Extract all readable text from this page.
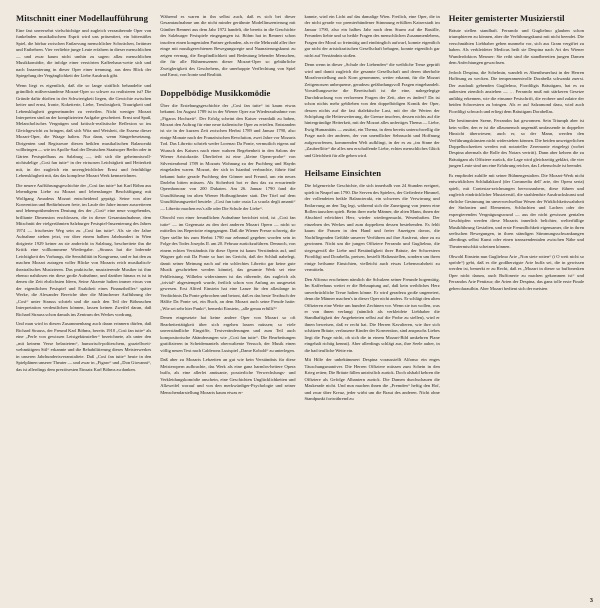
Mitschnitt einer Modellaufführung

Eine fast unversehrt vielschichtige und zugleich verzaubernde Oper von funkelnden musikalischem Esprit wird uns präsentiert, ein bittersüßes Spiel, die hörbar zwischen Entlarvung menschlicher Schwächen, Irrtümer und Entbehren. Vier verliebte junge Leute erfahren in dieser menschlichen — und zwar kaum nicht umhin zu sagen: allzu menschlichen Musikkomödie, die infolge einer verstörten Kaffeehaus-wette sich und nach Inszenierung in dieser Oper einer trennung, aus dem Blick der Spiegelung der Vergänglichkeit der Liebe Ausdruck gibt.

Wenn liegt es eigentlich, daß die so lange sträflich behandelte und gründlich mißverstandene Mozart-Oper so schwer zu realisieren ist? Die Gründe dafür dürften in der Schwierigkeit liegen, die Gewichte zwischen heiter und ernst, Ironie, Koketterie, Liebe, Treulosigkeit, Traurigkeit und Lebensklugheit gegeneinander zu verteilen. Nicht weniger Mozart Interpreten sind an der komplizierten Aufgabe gescheitert. Ernst und Spaß, Melancholisches Vergnügen und kritisch-realistische Reflexion so ins Gleichgewicht zu bringen, daß sich Witz und Weisheit, die Essenz dieser Mozart-Oper, die Waage halten. Nur dann, wenn Sängerbesetzung, Dirigenten und Regisseure diesen heiklen musikalischen Balanceakt vollbringen — wie im Apollo-Saal der Deutschen Staatsoper Berlin oder in Gärten Festspielhaus zu Salzburg —, teilt sich die geheimnisvoll-nichtsdelige „Così fan tutte“ in der virtuosen Leichtigkeit und Heiterkeit mit, in der zugleich ein unvergleichlicher Ernst und feinfühlige Lebensklugheit mit, das das komplexe Mozart Werk kennzeichnen.

Die neuere Aufführungsgeschichte der „Così fan tutte“ hat Karl Böhm aus lebendigem Liebe zu Mozart und lebenslanger Beschäftigung mit Wolfgang Amadeus Mozart entscheidend geprägt. Seine von alter Konvention und Bedürfnissen freie, im Laufe der Jahre immer ausweiteren und lebensprühenderen Deutung des der „Così“ eine neue vorgehendes, brilliante Dimension erschlossen, die in dieser Gesamtaufnahme, dem Mitschnitt der vielgerühmten Salzburger Festspiel-Inszenierung des Jahres 1974 — frischester Weg sein zu „Così fan tutte“. Als sie der Jahre Aufnahme stehen jetzt, vor über einem halben Jahrhundert in Wien dirigierte 1929 keiner an sie andreicht in Salzburg, beschreitete ihn die Kritik eine vollkommene Wiedergabe. „Strauss hat die lodernde Leichtigkeit des Vorhangs, die Sensibilität in Kongruenz, und er hat den zu machen Mozart zutragen voller Blicke von Mozarts reich musikalisch-theatralisches Musizieren. Das praktische, musizierende Musiker ist ihm ebenso nahtlosen ein diese große Aufnahme, und darüber hinaus es ist in denen die Zeit ehrlichsten Ideen, Seine Akzente halten immer etwas von der eigentlichen Festspiel und Exaktheit eines Finanzthrilles“ später Werke, die Alexander Bereiche über die Münchener Aufführung der „Così“ unter Strauss schrieb und die auch den Teil der Böhmschen Interpretation verdeutlichen können, lassen keinen Zweifel daran, daß Richard Strauss schon damals ins Zentrum des Werkes vordrang.

Und man wird in diesen Zusammenhang auch daran erinnern dürfen, daß Richard Strauss, der Freund Karl Böhms, bereits 1910 „Così fan tutte“ als eine „Perle von gewissen Leistgekünstelter“ bezeichnete, als unter den „mit keinem Verse belastetem“, humorisch-politeschem, graziellweit-wehmütigem Stil“ erkannte und die Rehabilitierung dieses Meisterwerkes in unseren Jahrhundertsveranstaltete. Daß „Così fan tutte“ heute in den Spielplänen unserer Theater — und zwar in „Figaro“ und „Don Giovanni“, das ist allerdings dem preziösesten Einsatz Karl Böhms zu danken.

Während es waren in ihn selbst auch, daß es sich bei dieser Gesamtaufnahme um die nicht minder gerühmte Modellinszenierung mit Günther Rennert aus dem Jahr 1972 handelt, die bereits in die Geschichte des Salzburger Festspiele eingegangen ist. Böhm hat in Rennert schon insofern einen kongenialen Partner gefunden, als er die Mehrzahl aller ihre einge mit musikgerechtenen Bewegungsregie und Nuanzierungskunst zu zeigen vermag, die Empfindlichkeit und Bedeutung lebender Menschen, die für alle Bühnenszenen dieser Mozart-Oper so gebührliche Zweiglerigkeit des Geschehens, die unerhoppte Verflechtung von Spiel und Ernst, von Ironie und Realität.

Doppelbödige Musikkomödie

Über die Erstehungsgeschichte der „Così fan tutte“ ist kaum etwas bekannt. Im August 1789 ist in der Wiener Oper zur Wiederaufnahme von „Figaros Hochzeit“. Der Erfolg scheint den Kaiser veranlaßt zu haben, Mozart den Auftrag für eine neue italienische Oper zu erteilen. Entstanden ist sie in der kurzen Zeit zwischen Herbst 1789 und Januar 1790, also einige Monate nach der Französischen Revolution, zwei Jahre vor Mozarts Tod. Das Libretto schrieb weder Lorenzo Da Ponte, vermutlich eigens auf Wunsch des Kaisers nach einer wahren Begebenheit in den Salons der Wiener Aristokratie. Überliefert ist eine „kleine Opern-probe“ von Silvesterabend 1789 in Mozarts Wohnung zu der Puchberg und Haydn eingeladen waren. Mozart, der sich in Istanbul verbrachte, führte fünf bekannt hatte gerade Puchberg den Gönner und Freund, um ein neues Darlehn bitten müssen. Als Sicherheit bot er ihm das zu erwartende Opernhonorar von 200 Dukaten. Am 26. Januar 1790 fand die Uraufführung im alten Wiener Hofburgtheater statt. Der Titel auf dem Uraufführungszettel beutele: „Così fan tutte ossia La scuola degli amanti“ — Libretto machen ess's alle oder Die Schule der Liebe“.

Obwohl von einer freundlichen Aufnahme berichtet wird, ist „Così fan tutte“ — im Gegensatz zu den drei anderen Mozart Opern — nicht so mittellos ins Repertoire eingegangen. Daß die Wiener Presse schweig, die Oper stellte bis zum Herbst 1790 nur zehnmal gegeben worden sein in Folge des Todes Josephs II. am 20. Februar zurückzuführen. Dennoch, von einem echten Verständnis für diese Opern ist kaum Verständnis auf, und Wagner gab mit Da Ponte so hart ins Gericht, daß der Schluß nahelegt, damit seiner Meinung nach auf ein schlechtes Libretto gar keine gute Musik geschrieben werden könnte), das gesamte Werk sei eine Fehlleistung. Wilhelm widersinnen ist das rührende, das zugleich als „trivial“ abgestempelt wurde, freilich schon von Anfang an ausgesetzt gewesen. Erst Alfred Einstein hat eine Lanze für den allzulange in Verdächtnis Da Ponte gebrochen und betont, daß es das beste Textbuch der Hälfte Da Ponte sei, ein Buch, an dem Mozart auch seine Freude hatte: „Wie sei sehr hier Punkt“, bemerkt Einstein, „alle genau erfüllt?“

Denen eingesetzte hat keine andere Oper von Mozart so oft Bearbeitertätigkeit über sich ergehen lassen müssen; so viele unverständliche Eingriffe, Textveränderungen und zum Teil auch kompositorische Abänderungen wie „Così fan tutte“. Die Bearbeitungen gratifizieren in Scheidemantels oberwaltente Versuch, der Musik einen völlig neuen Text nach Calderons Lustspiel „Dame Kobold“ zu unterlegen.

Daß aber zu Mozarts Lebzeiten an gut wie kein Verständnis für diese Meisteropern aufbrachte, das Werk als eine ganz harmlos-heitere Opera buffa, als eine allerlei amüsante, possierliche Verwechslungs- und Verkleidungskomödie anschein, eine Geschichten Unglücklichkeiten und Allzweifel worauf und von den merkwürdiger-Psychologie und seiner Menschendarstellung Mozarts kaum etwas er-

kannte, wird ein Licht auf das damalige Wien. Freilich, eine Oper, die in der nicht gerade vor premierbündener Stimmung erfüllten Kaiserstadt im Januar 1790, also ein halbes Jahr nach dem Sturm auf die Bastille, Freunden liebte und so heikle Fragen des menschlichen Zusammenlebens, Fragen der Moral so freimütig und eindringlich aufwarf, konnte eigentlich gar nicht der aristokratischen Gesellschaft behagen, konnte eigentlich gar nicht auf Verständnis stoßen.

Denn wenn in dieser „Schule der Liebenden“ die weibliche Treue geprüft wird und damit zugleich die gesamte Gesellschaft und deren überholte Moralvorstellung auch Korn genommen, weiter erkannt, für die Mozart Zeitgenossen unbequeme, geradezu gefährdungsvoll Fragen eingehandelt. Vorstellungsweise die Bereitschaft ist die eine, nahegelegige Durchdruckung von verlorenen Fragen der Zeit, aber es ändert? Da ist schon nichts mehr geblieben von den doppelbödigen Komik der Oper, dessen nichts auf die fast dialektische Lust, mit der die Werten der Schöpfung die Heiterweiterung, die Grenze insofern, dessen nichts auf die hintergründige Heiterkeit, mit der Mozart alles unfertiges Thema — Liebe, Ewig Humanitäts — zusätzt, ein Thema, in dem bereits unterschwellig die Frage nach der anderen, der von unendlicher Sehnsucht und Hoffnung aufgeworfenen, kommenden Welt aufklingt, in der es zu „im Sinne der „Zauberflöte“ die alles neu erschaffende Liebe, echtes menschliches Glück und Gleichheit für alle geben wird.

Heilsame Einsichten

Die folgenreiche Geschichte, die sich innerhalb von 24 Stunden ereignet, spielt in Neapel um 1790. Die Serven des Spielers, der Gefiederte Himmel, der vollendeten heikle Balancierakt, ein schweres die Verwirrung und Entlarvung an den Tag legt, während sich die Zuneigung von jenem eine Rollen tauschen spielt. Beim ihrer mehr Männer, die alten Mann, ihnen der Abschied erleichtert Herr, wieder wiedergemacht, Wesenhaften. Der einzelnen des Werkes und zum doppeltem dessen bestehenden. Es fehlt kaum die Frauen in den Hand und freier Anzeigen davon, die Nachfliegenden Gefühle unsrerer Verführen auf ihre Ausfreut, ohne zu zu gewinnen. Nicht um die jungen Offiziere Ferrando und Guglielmo, die siegesgewiß die Liebe und Beständigkeit ihrer Bräute, der Schwestern Fiordiligi und Dorabella, preisen, bestellt Haltzustellen, sondern um ihren einige heilsame Einsichten, vielleicht auch etwas Lebenswahrheit zu vermitteln.

Den Alfonso erscheinen nämlich die Schulzen seiner Freunde hogemütig. Im Kaffeehaus wettet er die Behauptung auf, daß kein weibliches Herz unverbrüchliche Treue halten könne. Er wird geradezu große ungeneiert, denn die Männer machen's in dieser Oper nicht anders. Er schlägt den alten Offizieren eine Wette um hundert Zechinen vor. Wenn sie tun wollen, was er von ihnen verlangt (nämlich als verkleidete Liebhaber die Standhaftigkeit der Angebeteten selbst auf die Probe zu stellen), wird er ihnen beweisen, daß er recht hat. Die Herren Kavalieren, wie ihre sich schätzen Bräute, verlassene Kinder der Konvention, sind anspruchs Liebes liegt die Frage nicht, ob sich die in einem Mozart-Bild umkehren Plane eingehalt richtig kennst). Aber allerdings schlägt aus, ihre Seele auher, in die bad teufliche Wette ein.

Mit Hilfe der unbekümmert Despina vorausstellt Alfonso ein enges Täuschungsmanöver. Die Herren Offiziere müssen zum Schein in den Krieg reiten; Die Bräute fällen untröstlich zurück. Doch alsbald kehren die Offiziere als Gefolge Albaniern zurück. Die Damen durchschauen die Maskerade nicht. Und nun machen ihnen die „Fremden“ heftig den Hof, und zwar über Kreuz, jeder wirbt um die Braut des anderen. Nicht ohne Standpunkt fortwährend zu

Heiter gemisterter Musizierstil

Bräute stellen standhaft. Ferrando und Guglielmo glauben schon triumphieren zu können, aber die Verführungskunst mit nicht beendet. Die verschmähten Liebhaber geben nunmehr vor, sich aus Gram vergiftet zu haben. Als verkleideter Medicus heilt sie Despina nach Art des Wiener Wunderdoktors Mesmer: Sie reibt sind die standbereiten jungen Damen dem Anfechtungen gewachsen.

Jedoch Despina, die Schelmin, wandelt es Abentheuerlust in der Herren Hoffnung zu wecken. Die temperamentvolle Dorabella schwankt zuerst. Der ausdauli gebenden Guglielmo, Fiordiligis Bräutigam, hat es zu außersten ziemlich anziehen — … Ferrando muß mit stärkeren Gesetze unfähig erkennen, wie die einsame Festschrift, die erobere und zalaire der beiden Schwestern zu bringen. Als er auf Salzamond dazu, wird auch Fiordiligi schwach und erliegt dem Bräutigam Dorabellas.

Die bestimmten Szene, Ferrandos hat gewonnen. Sein Triumph aber ist kein voller, den er ist die allzumensch ungemäß umfassende in doppelter Hinsicht überwiesen; auch er, so der Mann, werden den Verführungskünsten nicht widerstehen können. Die beiden unweigerlichen Doppelhochzeiten werden mit notarieller Zeremonie eingelegt (wobei Despina abermals die Rolle des Notars vertritt). Dann aber kehren die zu Bräutigam als Offiziere zurück, die Lage wird gleichzeitig geklärt, die vier jungen Leute sind um eine Erfahrung reicher, das Lebenschule ist beendet.

Es empfindet zuhilfe mit seiner Bühnengestalten. Die Mozart-Werk nicht entwirklichen Schlußakkord (der Commedia dell' arte, der Opera seria) spielt, mit Contestar-zeichnungen hervorzaubern, diese führen und zugleich eindrücklicher Musizierstil, die strahlendste Ausdruckskunst und ehrliche Gesinnung im unverwechselbar Wesen der Wirklichkeitswahrheit der Sinfonien und Elementen, Schluchten und Lachen oder der expergierenden Vergnügungswund — aus der nicht gewissen genialen Geschöpfen werden diese Mozarts innerlich belichter, welterfüllige Musikführung Gestalten, und erste Freundlichkeit eigensamer, die in ihren seelischen Bewegungen, in ihren ständigen Stimmungsschwankungen allerdings selbst Kunst oder einen transzendentalen zwischen Nähe und Theatermischkit scheinen können.

Obwohl Einstein nun Guglielmo Arie „Non siete rotten“ (i O weit nicht so spröde“) gebt, daß es die großherzigste Arie buffa sei, die in gewissen werden ist, bemerkt er zu Recht, daß es „Mozart in dieser so buffonesken Oper nicht darum, auch Buffonerie zu machen gekommen ist“ und Ferrandos Arie Pentizur; die Arien der Despina, das ganz tolle erste Finale geben daraufhin. Aber Mozart bedient sich der meisten

3
